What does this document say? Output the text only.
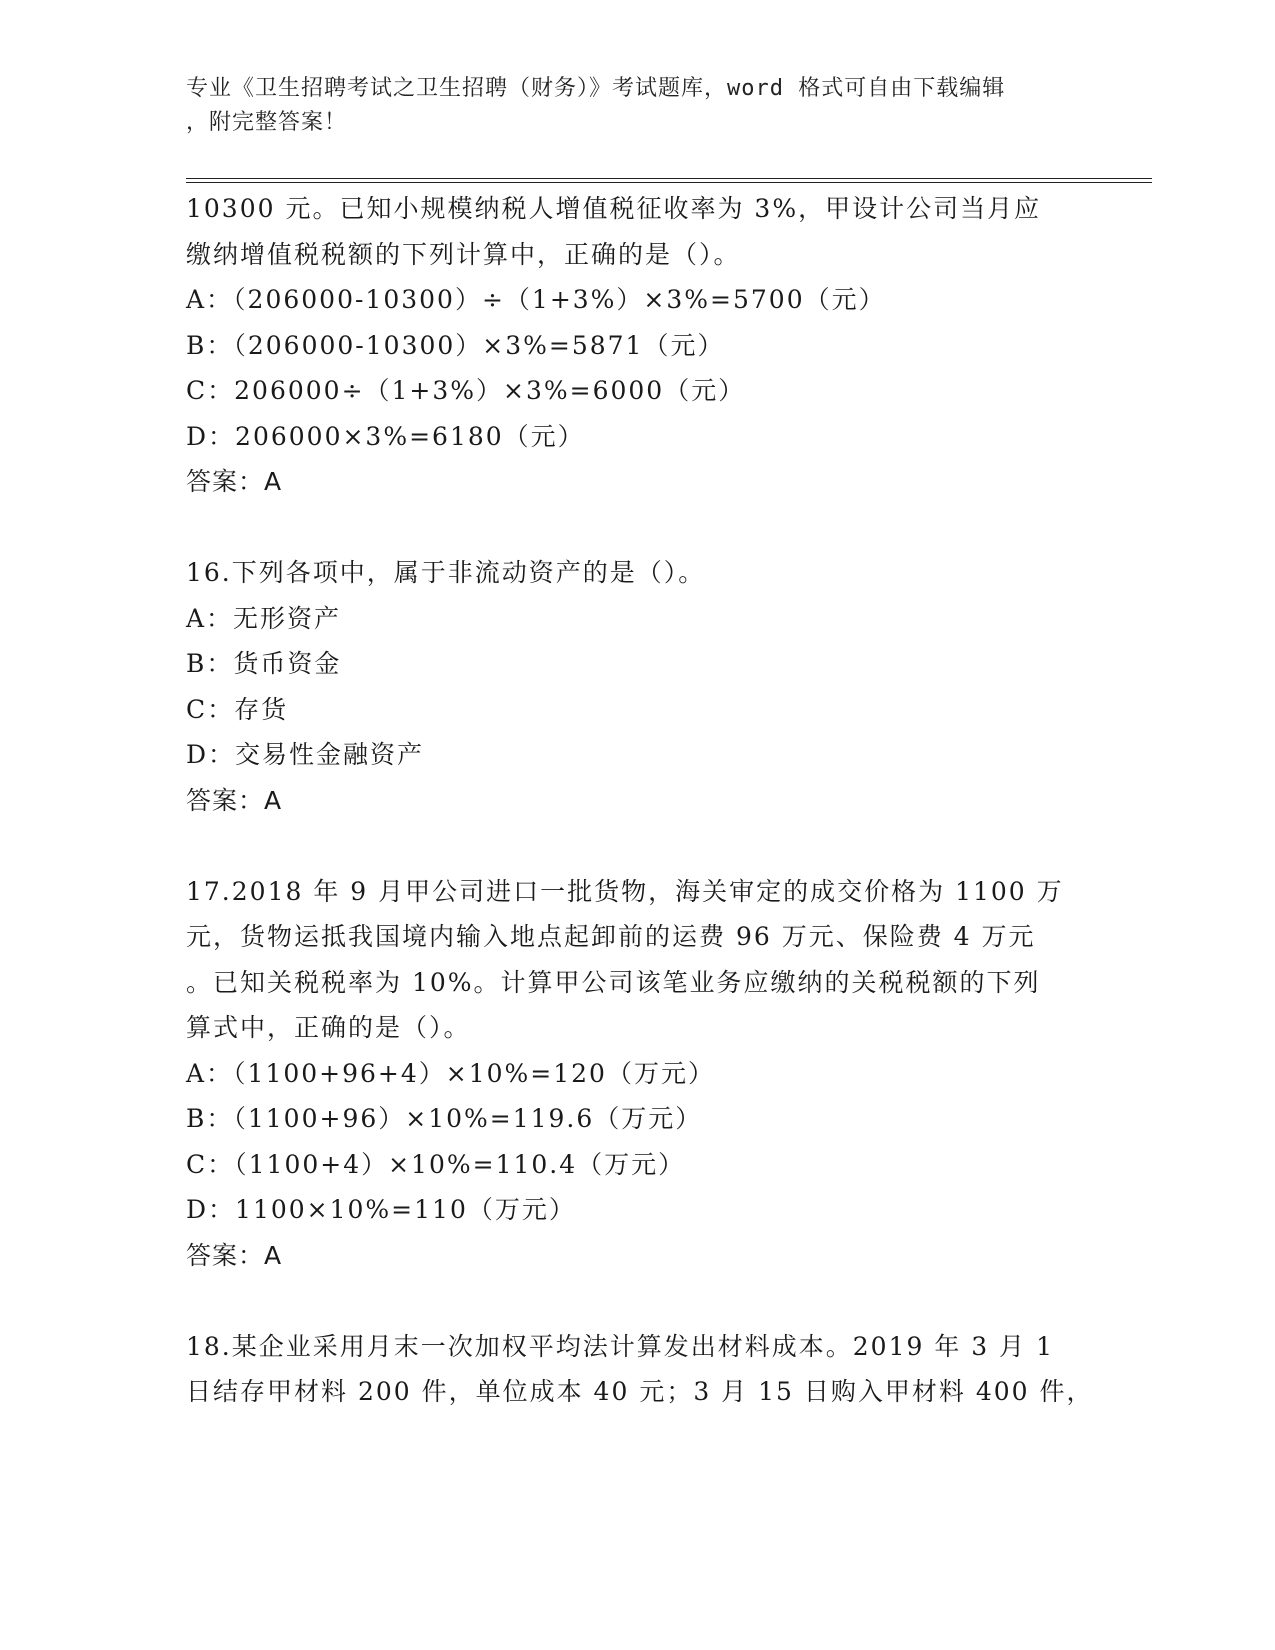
专业《卫生招聘考试之卫生招聘（财务）》考试题库，word 格式可自由下载编辑
，附完整答案！
10300 元。已知小规模纳税人增值税征收率为 3%，甲设计公司当月应
缴纳增值税税额的下列计算中，正确的是（）。
A：（206000-10300）÷（1+3%）×3%=5700（元）
B：（206000-10300）×3%=5871（元）
C：206000÷（1+3%）×3%=6000（元）
D：206000×3%=6180（元）
答案：A
16.下列各项中，属于非流动资产的是（）。
A：无形资产
B：货币资金
C：存货
D：交易性金融资产
答案：A
17.2018 年 9 月甲公司进口一批货物，海关审定的成交价格为 1100 万
元，货物运抵我国境内输入地点起卸前的运费 96 万元、保险费 4 万元
。已知关税税率为 10%。计算甲公司该笔业务应缴纳的关税税额的下列
算式中，正确的是（）。
A：（1100+96+4）×10%=120（万元）
B：（1100+96）×10%=119.6（万元）
C：（1100+4）×10%=110.4（万元）
D：1100×10%=110（万元）
答案：A
18.某企业采用月末一次加权平均法计算发出材料成本。2019 年 3 月 1
日结存甲材料 200 件，单位成本 40 元；3 月 15 日购入甲材料 400 件，
